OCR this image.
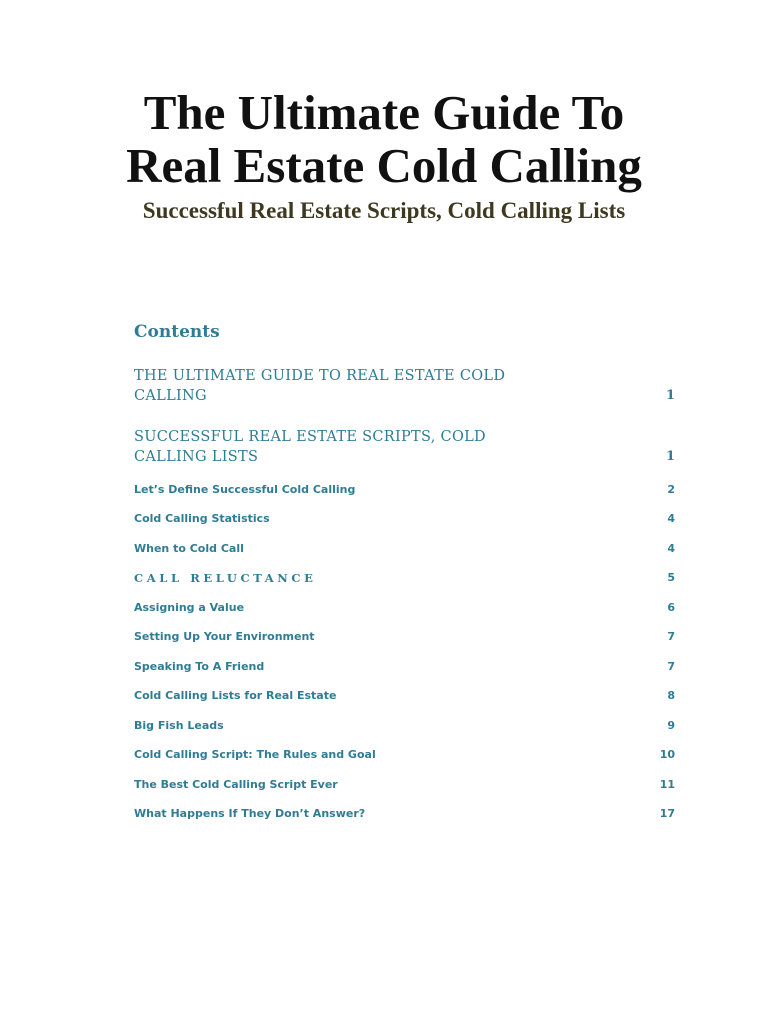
The Ultimate Guide To
Real Estate Cold Calling
Successful Real Estate Scripts, Cold Calling Lists
Contents
THE ULTIMATE GUIDE TO REAL ESTATE COLD CALLING	1
SUCCESSFUL REAL ESTATE SCRIPTS, COLD CALLING LISTS	1
Let’s Define Successful Cold Calling	2
Cold Calling Statistics	4
When to Cold Call	4
CALL RELUCTANCE	5
Assigning a Value	6
Setting Up Your Environment	7
Speaking To A Friend	7
Cold Calling Lists for Real Estate	8
Big Fish Leads	9
Cold Calling Script: The Rules and Goal	10
The Best Cold Calling Script Ever	11
What Happens If They Don’t Answer?	17
